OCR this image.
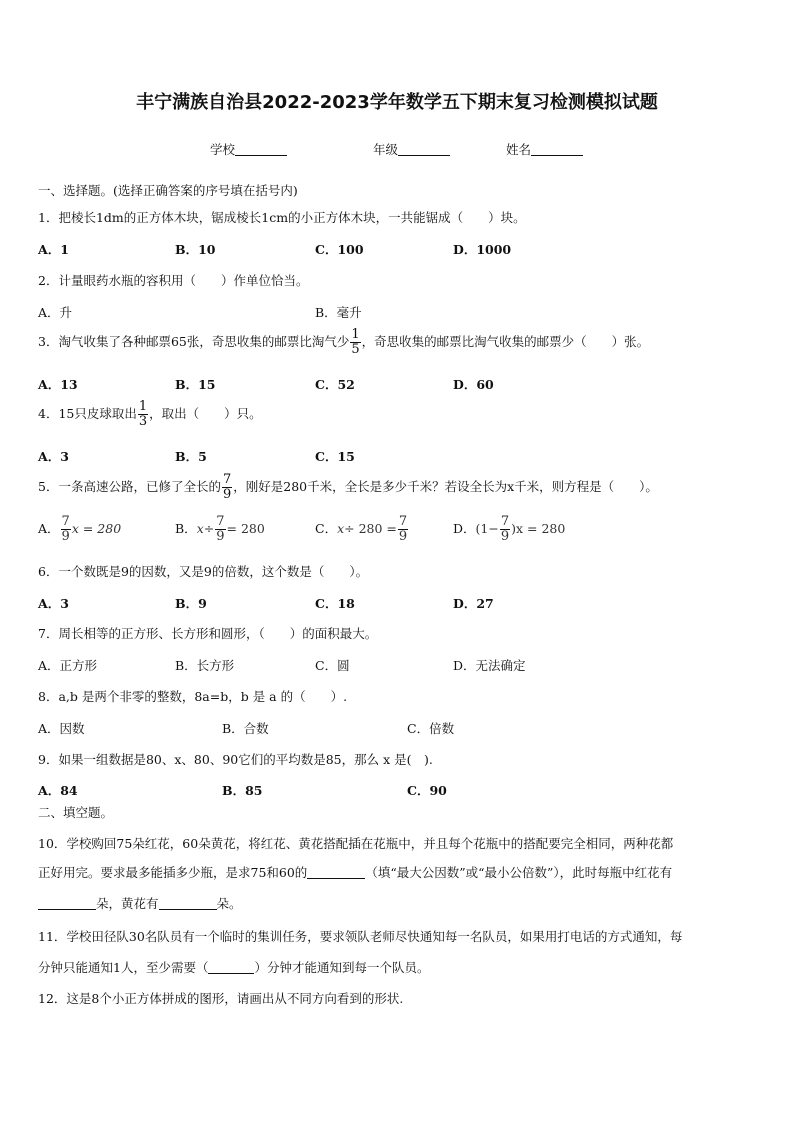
丰宁满族自治县2022-2023学年数学五下期末复习检测模拟试题
学校	年级	姓名
一、选择题。(选择正确答案的序号填在括号内)
1．把棱长1dm的正方体木块，锯成棱长1cm的小正方体木块，一共能锯成（　　）块。
A．1	B．10	C．100	D．1000
2．计量眼药水瓶的容积用（　　）作单位恰当。
A．升	B．毫升
3．淘气收集了各种邮票65张，奇思收集的邮票比淘气少 $\frac{1}{5}$ ，奇思收集的邮票比淘气收集的邮票少（　　）张。
A．13	B．15	C．52	D．60
4．15只皮球取出 $\frac{1}{3}$ ，取出（　　）只。
A．3	B．5	C．15
5．一条高速公路，已修了全长的 $\frac{7}{9}$ ，刚好是280千米，全长是多少千米？若设全长为x千米，则方程是（　　）。
A． $\frac{7}{9}$ x = 280	B．$x\div \frac{7}{9} = 280$	C．$x\div 280 = \frac{7}{9}$	D．$(1- \frac{7}{9} )x = 280$
6．一个数既是9的因数，又是9的倍数，这个数是（　　）。
A．3	B．9	C．18	D．27
7．周长相等的正方形、长方形和圆形，（　　）的面积最大。
A．正方形	B．长方形	C．圆	D．无法确定
8．a,b 是两个非零的整数，8a=b，b 是 a 的（　　）.
A．因数	B．合数	C．倍数
9．如果一组数据是80、x、80、90它们的平均数是85，那么 x 是(　).
A．84	B．85	C．90
二、填空题。
10．学校购回75朵红花，60朵黄花，将红花、黄花搭配插在花瓶中，并且每个花瓶中的搭配要完全相同，两种花都
正好用完。要求最多能插多少瓶，是求75和60的	（填“最大公因数”或“最小公倍数”），此时每瓶中红花有
朵，黄花有	朵。
11．学校田径队30名队员有一个临时的集训任务，要求领队老师尽快通知每一名队员，如果用打电话的方式通知，每
分钟只能通知1人，至少需要（	）分钟才能通知到每一个队员。
12．这是8个小正方体拼成的图形，请画出从不同方向看到的形状.
